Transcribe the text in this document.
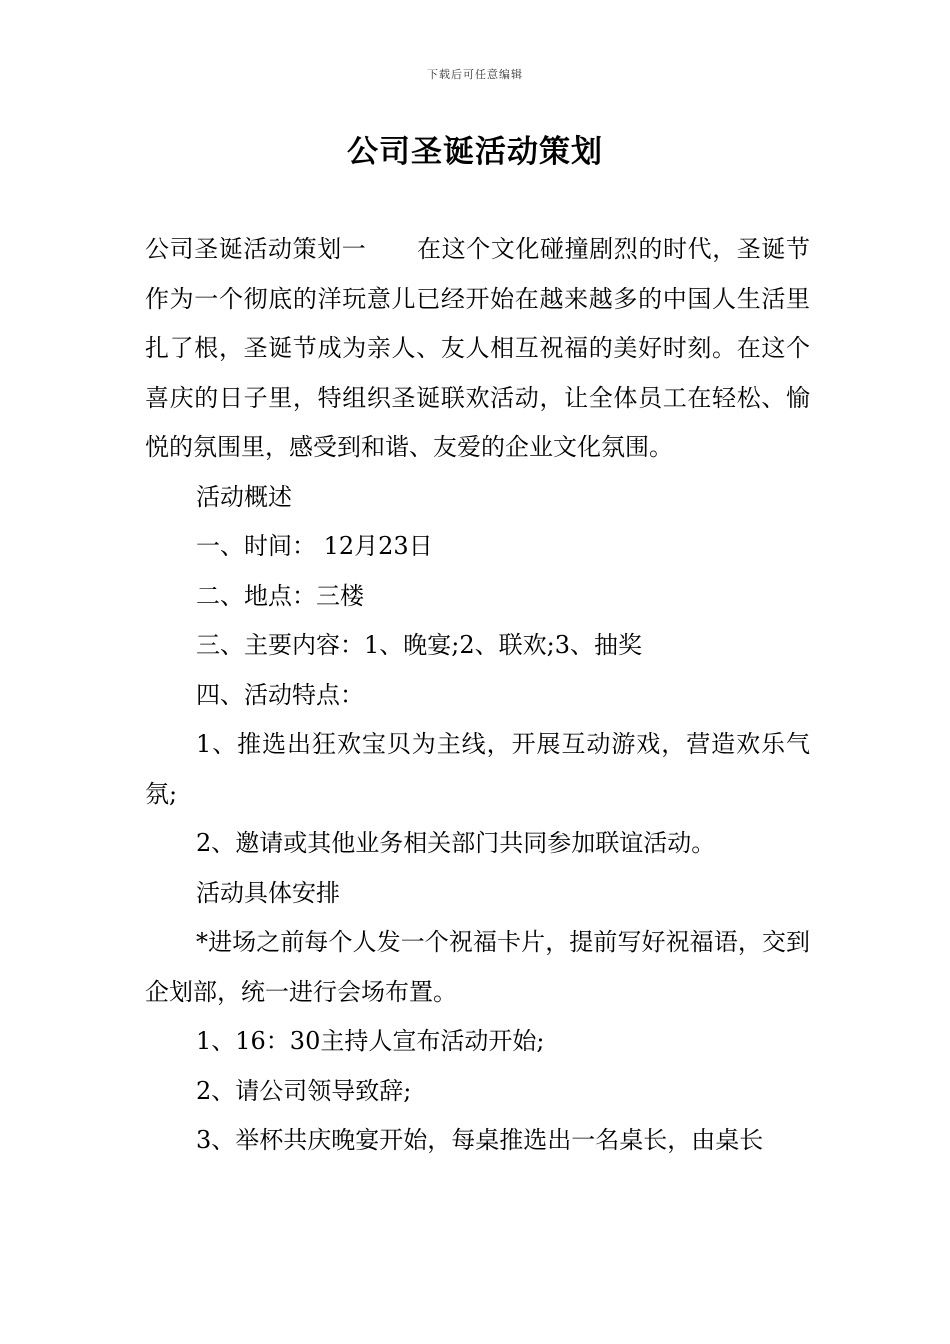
下载后可任意编辑
公司圣诞活动策划

公司圣诞活动策划一 在这个文化碰撞剧烈的时代，圣诞节作为一个彻底的洋玩意儿已经开始在越来越多的中国人生活里扎了根，圣诞节成为亲人、友人相互祝福的美好时刻。在这个喜庆的日子里，特组织圣诞联欢活动，让全体员工在轻松、愉悦的氛围里，感受到和谐、友爱的企业文化氛围。

活动概述

一、时间： 12月23日

二、地点：三楼

三、主要内容：1、晚宴;2、联欢;3、抽奖

四、活动特点：

1、推选出狂欢宝贝为主线，开展互动游戏，营造欢乐气氛;

2、邀请或其他业务相关部门共同参加联谊活动。

活动具体安排

*进场之前每个人发一个祝福卡片，提前写好祝福语，交到企划部，统一进行会场布置。

1、16：30主持人宣布活动开始;

2、请公司领导致辞;

3、举杯共庆晚宴开始，每桌推选出一名桌长，由桌长
